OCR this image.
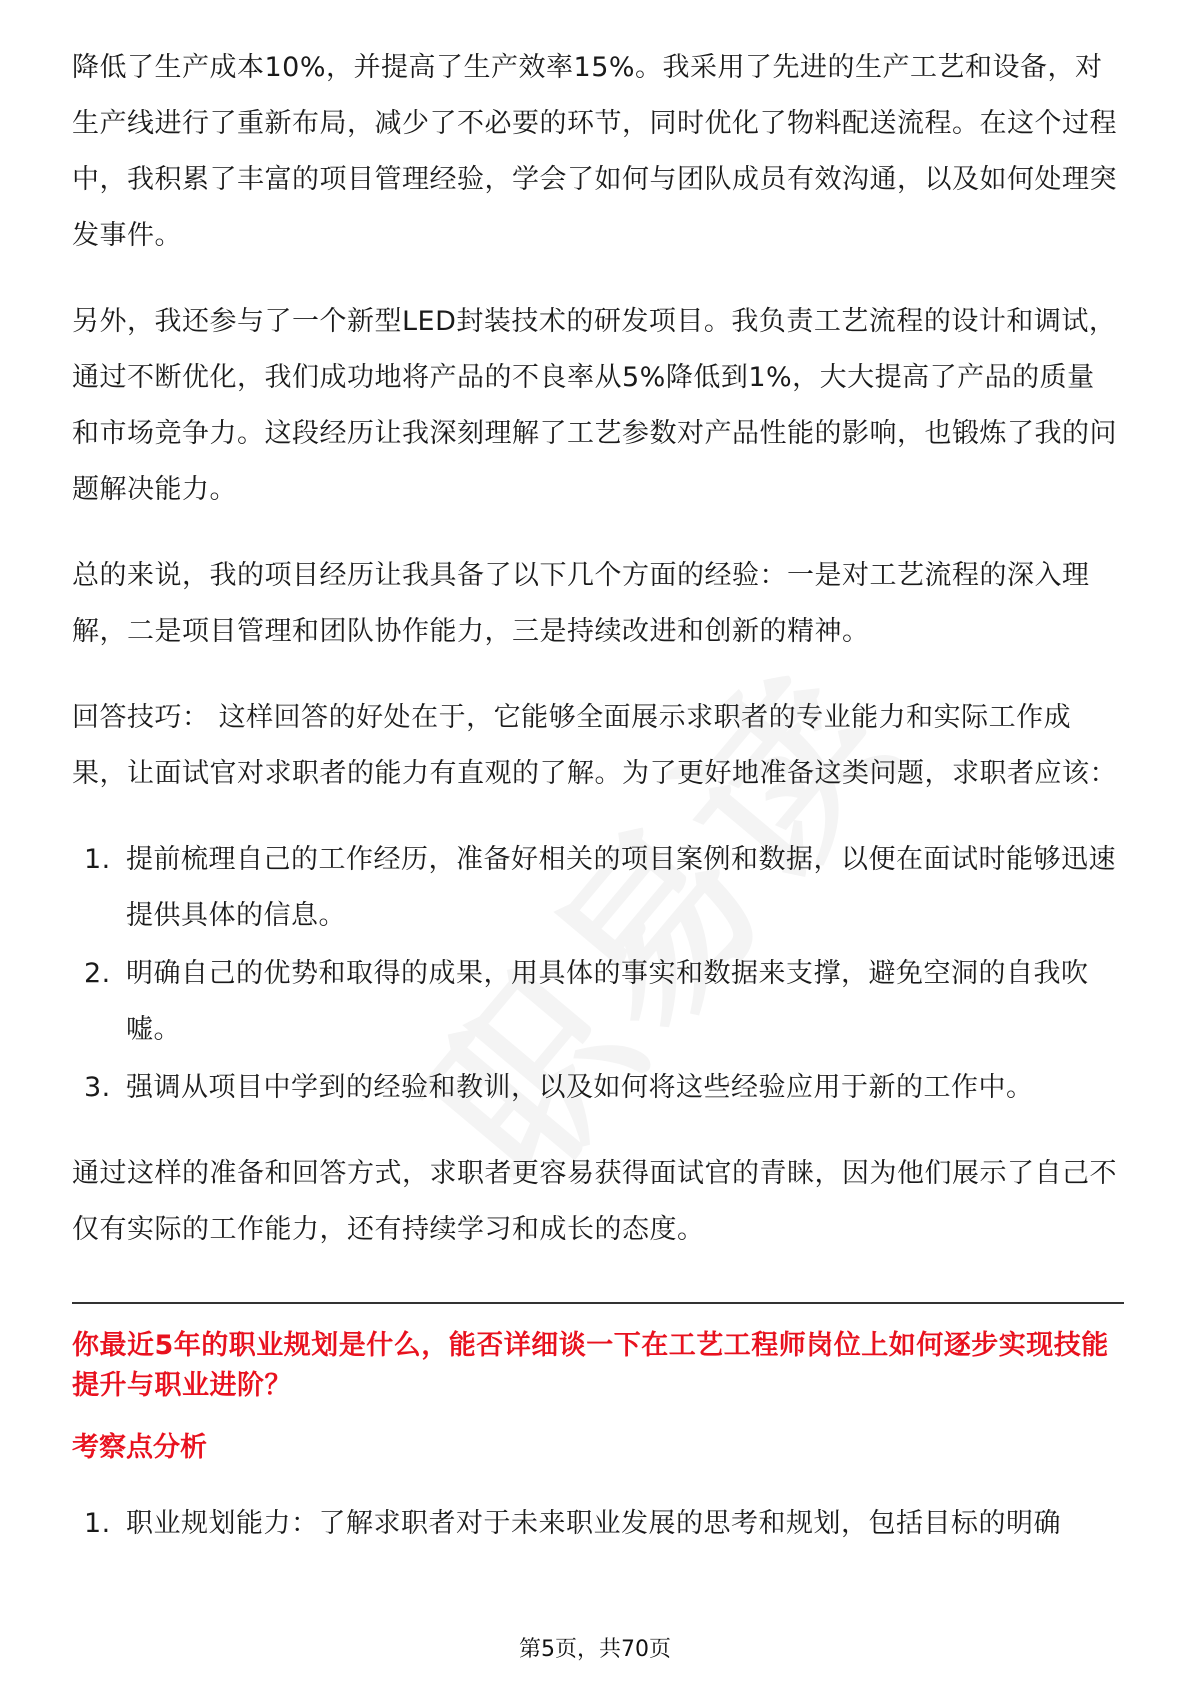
降低了生产成本10%，并提高了生产效率15%。我采用了先进的生产工艺和设备，对生产线进行了重新布局，减少了不必要的环节，同时优化了物料配送流程。在这个过程中，我积累了丰富的项目管理经验，学会了如何与团队成员有效沟通，以及如何处理突发事件。

另外，我还参与了一个新型LED封装技术的研发项目。我负责工艺流程的设计和调试，通过不断优化，我们成功地将产品的不良率从5%降低到1%，大大提高了产品的质量和市场竞争力。这段经历让我深刻理解了工艺参数对产品性能的影响，也锻炼了我的问题解决能力。

总的来说，我的项目经历让我具备了以下几个方面的经验：一是对工艺流程的深入理解，二是项目管理和团队协作能力，三是持续改进和创新的精神。

回答技巧： 这样回答的好处在于，它能够全面展示求职者的专业能力和实际工作成果，让面试官对求职者的能力有直观的了解。为了更好地准备这类问题，求职者应该：

1. 提前梳理自己的工作经历，准备好相关的项目案例和数据，以便在面试时能够迅速提供具体的信息。
2. 明确自己的优势和取得的成果，用具体的事实和数据来支撑，避免空洞的自我吹嘘。
3. 强调从项目中学到的经验和教训，以及如何将这些经验应用于新的工作中。

通过这样的准备和回答方式，求职者更容易获得面试官的青睐，因为他们展示了自己不仅有实际的工作能力，还有持续学习和成长的态度。

你最近5年的职业规划是什么，能否详细谈一下在工艺工程师岗位上如何逐步实现技能提升与职业进阶？
考察点分析
1. 职业规划能力：了解求职者对于未来职业发展的思考和规划，包括目标的明确
第5页，共70页
